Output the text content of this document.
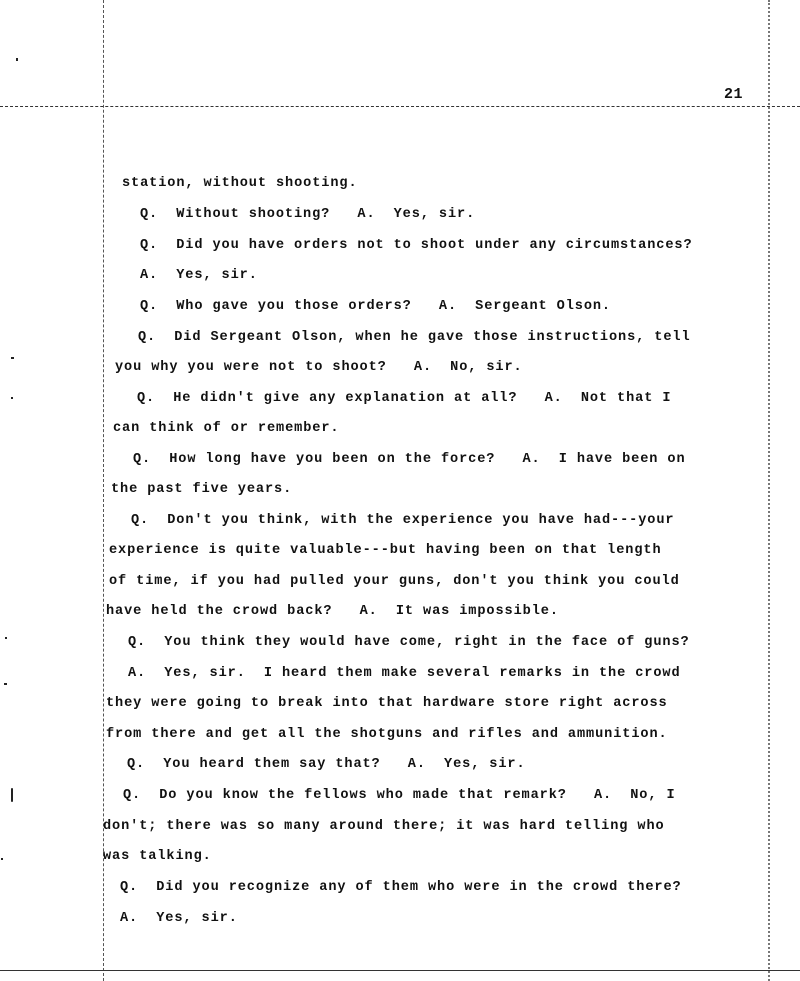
21
station, without shooting.
Q.  Without shooting?   A.  Yes, sir.
Q.  Did you have orders not to shoot under any circumstances?
A.  Yes, sir.
Q.  Who gave you those orders?   A.  Sergeant Olson.
Q.  Did Sergeant Olson, when he gave those instructions, tell
you why you were not to shoot?   A.  No, sir.
Q.  He didn't give any explanation at all?   A.  Not that I
can think of or remember.
Q.  How long have you been on the force?   A.  I have been on
the past five years.
Q.  Don't you think, with the experience you have had---your
experience is quite valuable---but having been on that length
of time, if you had pulled your guns, don't you think you could
have held the crowd back?   A.  It was impossible.
Q.  You think they would have come, right in the face of guns?
A.  Yes, sir.  I heard them make several remarks in the crowd
they were going to break into that hardware store right across
from there and get all the shotguns and rifles and ammunition.
Q.  You heard them say that?   A.  Yes, sir.
Q.  Do you know the fellows who made that remark?   A.  No, I
don't; there was so many around there; it was hard telling who
was talking.
Q.  Did you recognize any of them who were in the crowd there?
A.  Yes, sir.
